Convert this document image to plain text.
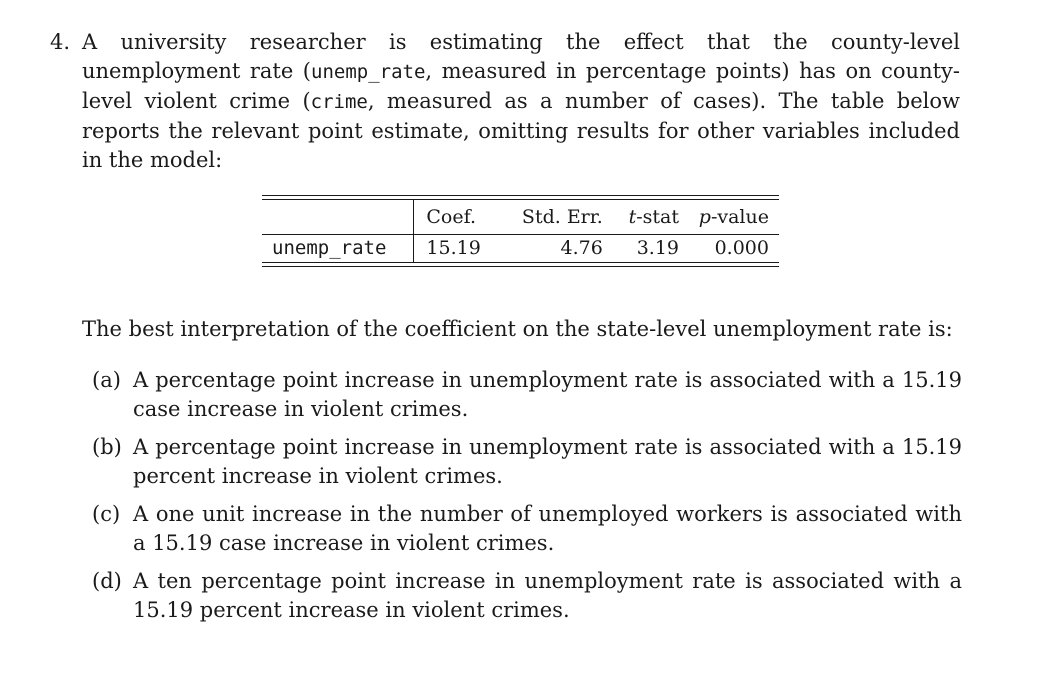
4. A university researcher is estimating the effect that the county-level unemployment rate (unemp_rate, measured in percentage points) has on county-level violent crime (crime, measured as a number of cases). The table below reports the relevant point estimate, omitting results for other variables included in the model:
	Coef.	Std. Err.	t-stat	p-value
unemp_rate	15.19	4.76	3.19	0.000
The best interpretation of the coefficient on the state-level unemployment rate is:
(a) A percentage point increase in unemployment rate is associated with a 15.19 case increase in violent crimes.
(b) A percentage point increase in unemployment rate is associated with a 15.19 percent increase in violent crimes.
(c) A one unit increase in the number of unemployed workers is associated with a 15.19 case increase in violent crimes.
(d) A ten percentage point increase in unemployment rate is associated with a 15.19 percent increase in violent crimes.
